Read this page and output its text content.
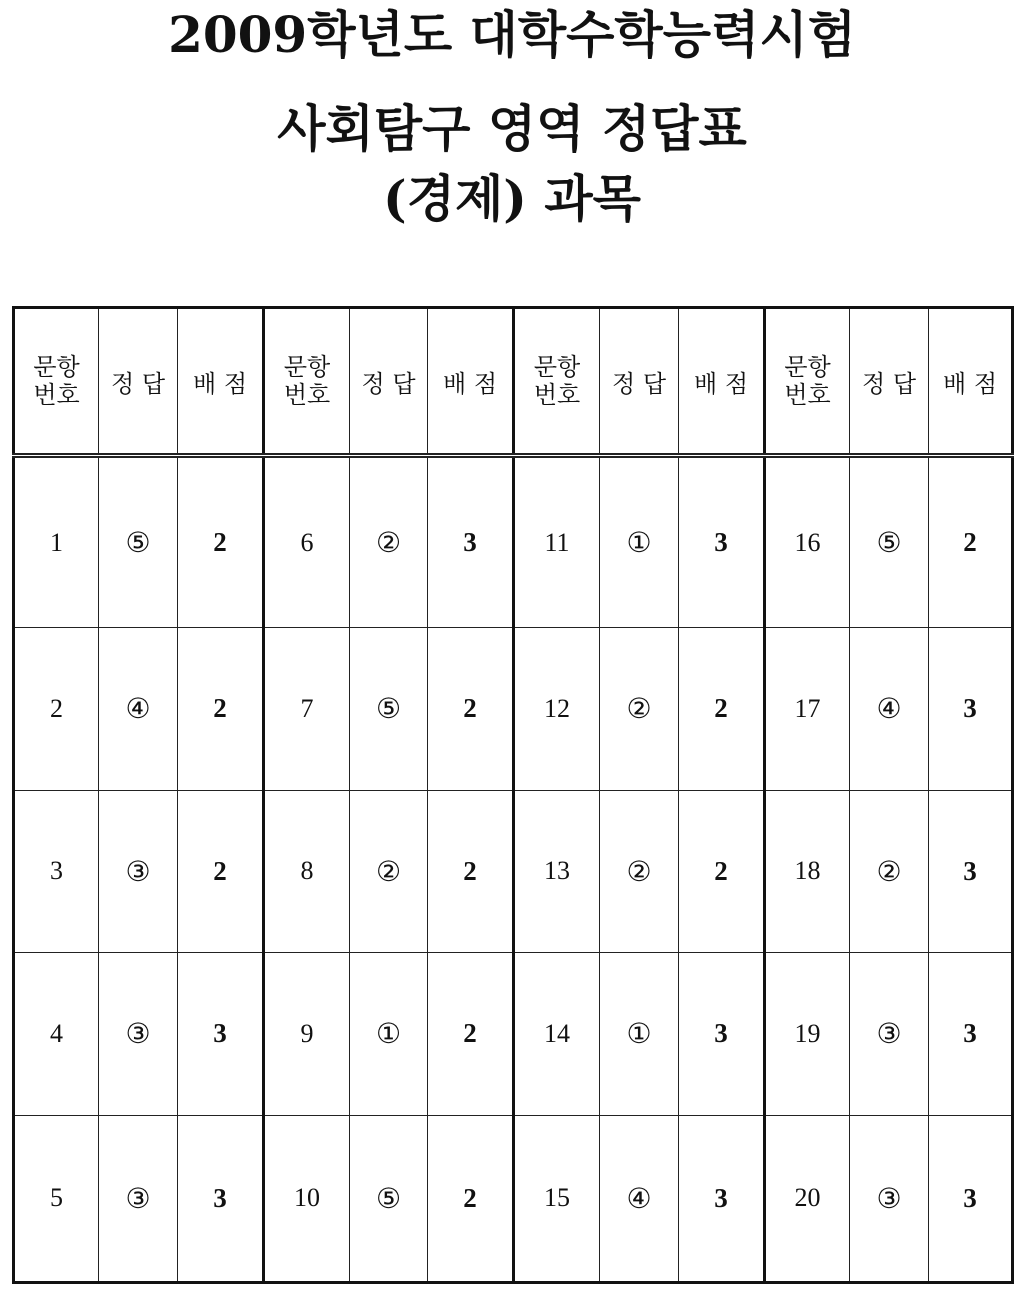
2009학년도 대학수학능력시험
사회탐구 영역 정답표
(경제) 과목
문항
번호	정 답	배 점	문항
번호	정 답	배 점	문항
번호	정 답	배 점	문항
번호	정 답	배 점
1	⑤	2	6	②	3	11	①	3	16	⑤	2
2	④	2	7	⑤	2	12	②	2	17	④	3
3	③	2	8	②	2	13	②	2	18	②	3
4	③	3	9	①	2	14	①	3	19	③	3
5	③	3	10	⑤	2	15	④	3	20	③	3
